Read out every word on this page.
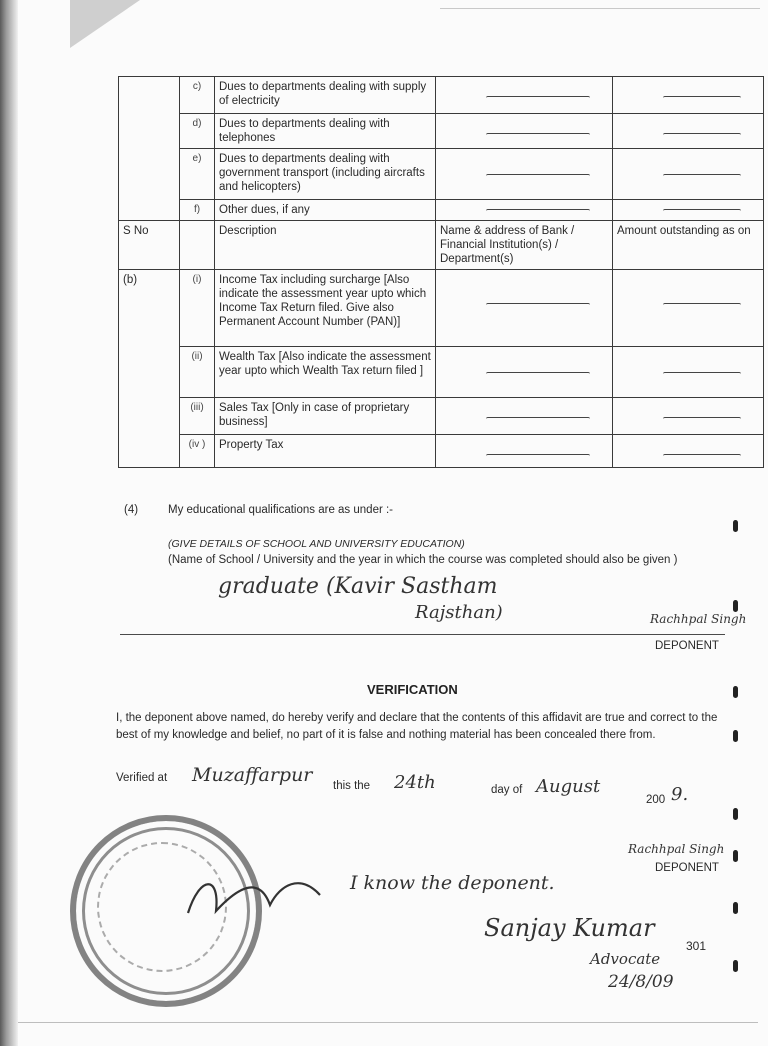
	c)	Dues to departments dealing with supply of electricity	

	d)	Dues to departments dealing with telephones	

	e)	Dues to departments dealing with government transport (including aircrafts and helicopters)	

	f)	Other dues, if any	

S No		Description	Name & address of Bank / Financial Institution(s) / Department(s)	Amount outstanding as on
(b)	(i)	Income Tax including surcharge [Also indicate the assessment year upto which Income Tax Return filed. Give also Permanent Account Number (PAN)]	

	(ii)	Wealth Tax [Also indicate the assessment year upto which Wealth Tax return filed ]	

	(iii)	Sales Tax [Only in case of proprietary business]	

	(iv )	Property Tax	

(4)	My educational qualifications are as under :-
(GIVE DETAILS OF SCHOOL AND UNIVERSITY EDUCATION)
(Name of School / University and the year in which the course was completed should also be given )
graduate (Kavir Sastham
Rajsthan)	Rachhpal Singh
DEPONENT
VERIFICATION
I, the deponent above named, do hereby verify and declare that the contents of this affidavit are true and correct to the best of my knowledge and belief, no part of it is false and nothing material has been concealed there from.
Verified at Muzaffarpur this the 24th	day of August
200 9.
Rachhpal Singh
DEPONENT
I know the deponent.
Sanjay Kumar
Advocate
301
24/8/09
